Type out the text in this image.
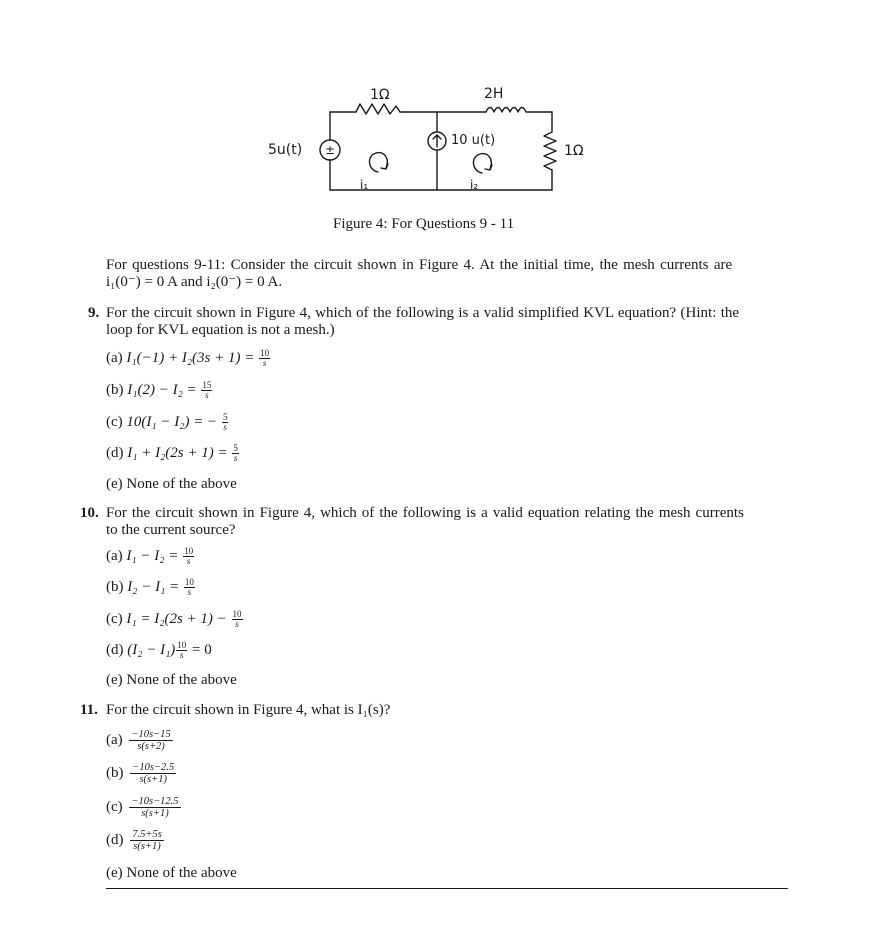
1Ω	2H
1Ω
5u(t) ±
10 u(t)
i₁	i₂
Figure 4: For Questions 9 - 11
For questions 9-11: Consider the circuit shown in Figure 4. At the initial time, the mesh currents are
i₁(0⁻) = 0 A and i₂(0⁻) = 0 A.
9. For the circuit shown in Figure 4, which of the following is a valid simplified KVL equation? (Hint: the
loop for KVL equation is not a mesh.)
(a) $I_1(-1) + I_2(3s + 1) = \frac{10}{s}$
(b) $I_1(2) - I_2 = \frac{15}{s}$
(c) 10(I₁ − I₂) = − $\frac{5}{s}$
(d) $I_1 + I_2(2s + 1) = \frac{5}{s}$
(e) None of the above
10. For the circuit shown in Figure 4, which of the following is a valid equation relating the mesh currents
to the current source?
(a) $I_1 - I_2 = \frac{10}{s}$
(b) $I_2 - I_1 = \frac{10}{s}$
(c) $I_1 = I_2(2s + 1) - \frac{10}{s}$
(d) $(I_2 - I_1) \frac{10}{s} = 0$
(e) None of the above
11. For the circuit shown in Figure 4, what is I₁(s)?
$(a) \frac{-10s-15}{s(s+2)}$
$(b) \frac{-10s-2.5}{s(s+1)}$
$(c) \frac{-10s-12.5}{s(s+1)}$
$(d) \frac{7.5+5s}{s(s+1)}$
(e) None of the above
